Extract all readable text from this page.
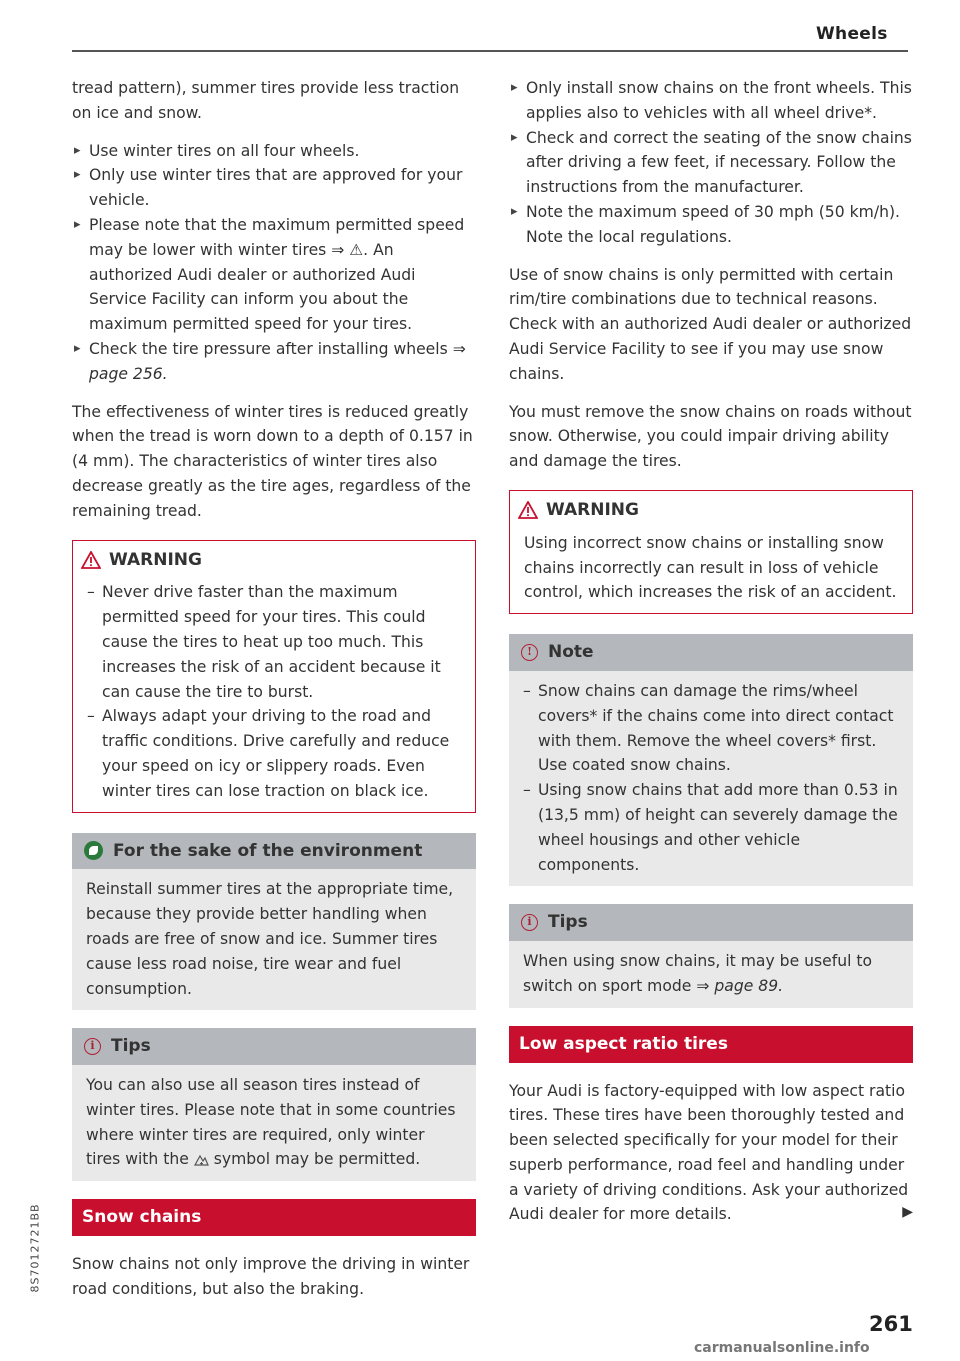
Wheels

tread pattern), summer tires provide less traction on ice and snow.

▸ Use winter tires on all four wheels.
▸ Only use winter tires that are approved for your vehicle.
▸ Please note that the maximum permitted speed may be lower with winter tires ⇒ ⚠. An authorized Audi dealer or authorized Audi Service Facility can inform you about the maximum permitted speed for your tires.
▸ Check the tire pressure after installing wheels ⇒ page 256.

The effectiveness of winter tires is reduced greatly when the tread is worn down to a depth of 0.157 in (4 mm). The characteristics of winter tires also decrease greatly as the tire ages, regardless of the remaining tread.

WARNING
– Never drive faster than the maximum permitted speed for your tires. This could cause the tires to heat up too much. This increases the risk of an accident because it can cause the tire to burst.
– Always adapt your driving to the road and traffic conditions. Drive carefully and reduce your speed on icy or slippery roads. Even winter tires can lose traction on black ice.
For the sake of the environment
Reinstall summer tires at the appropriate time, because they provide better handling when roads are free of snow and ice. Summer tires cause less road noise, tire wear and fuel consumption.
i Tips
You can also use all season tires instead of winter tires. Please note that in some countries where winter tires are required, only winter tires with the  symbol may be permitted.
Snow chains

Snow chains not only improve the driving in winter road conditions, but also the braking.

▸ Only install snow chains on the front wheels. This applies also to vehicles with all wheel drive*.
▸ Check and correct the seating of the snow chains after driving a few feet, if necessary. Follow the instructions from the manufacturer.
▸ Note the maximum speed of 30 mph (50 km/h). Note the local regulations.

Use of snow chains is only permitted with certain rim/tire combinations due to technical reasons. Check with an authorized Audi dealer or authorized Audi Service Facility to see if you may use snow chains.

You must remove the snow chains on roads without snow. Otherwise, you could impair driving ability and damage the tires.

WARNING
Using incorrect snow chains or installing snow chains incorrectly can result in loss of vehicle control, which increases the risk of an accident.
! Note
– Snow chains can damage the rims/wheel covers* if the chains come into direct contact with them. Remove the wheel covers* first. Use coated snow chains.
– Using snow chains that add more than 0.53 in (13,5 mm) of height can severely damage the wheel housings and other vehicle components.
i Tips
When using snow chains, it may be useful to switch on sport mode ⇒ page 89.
Low aspect ratio tires

Your Audi is factory-equipped with low aspect ratio tires. These tires have been thoroughly tested and been selected specifically for your model for their superb performance, road feel and handling under a variety of driving conditions. Ask your authorized Audi dealer for more details.	▶
261
8S7012721BB
carmanualsonline.info
